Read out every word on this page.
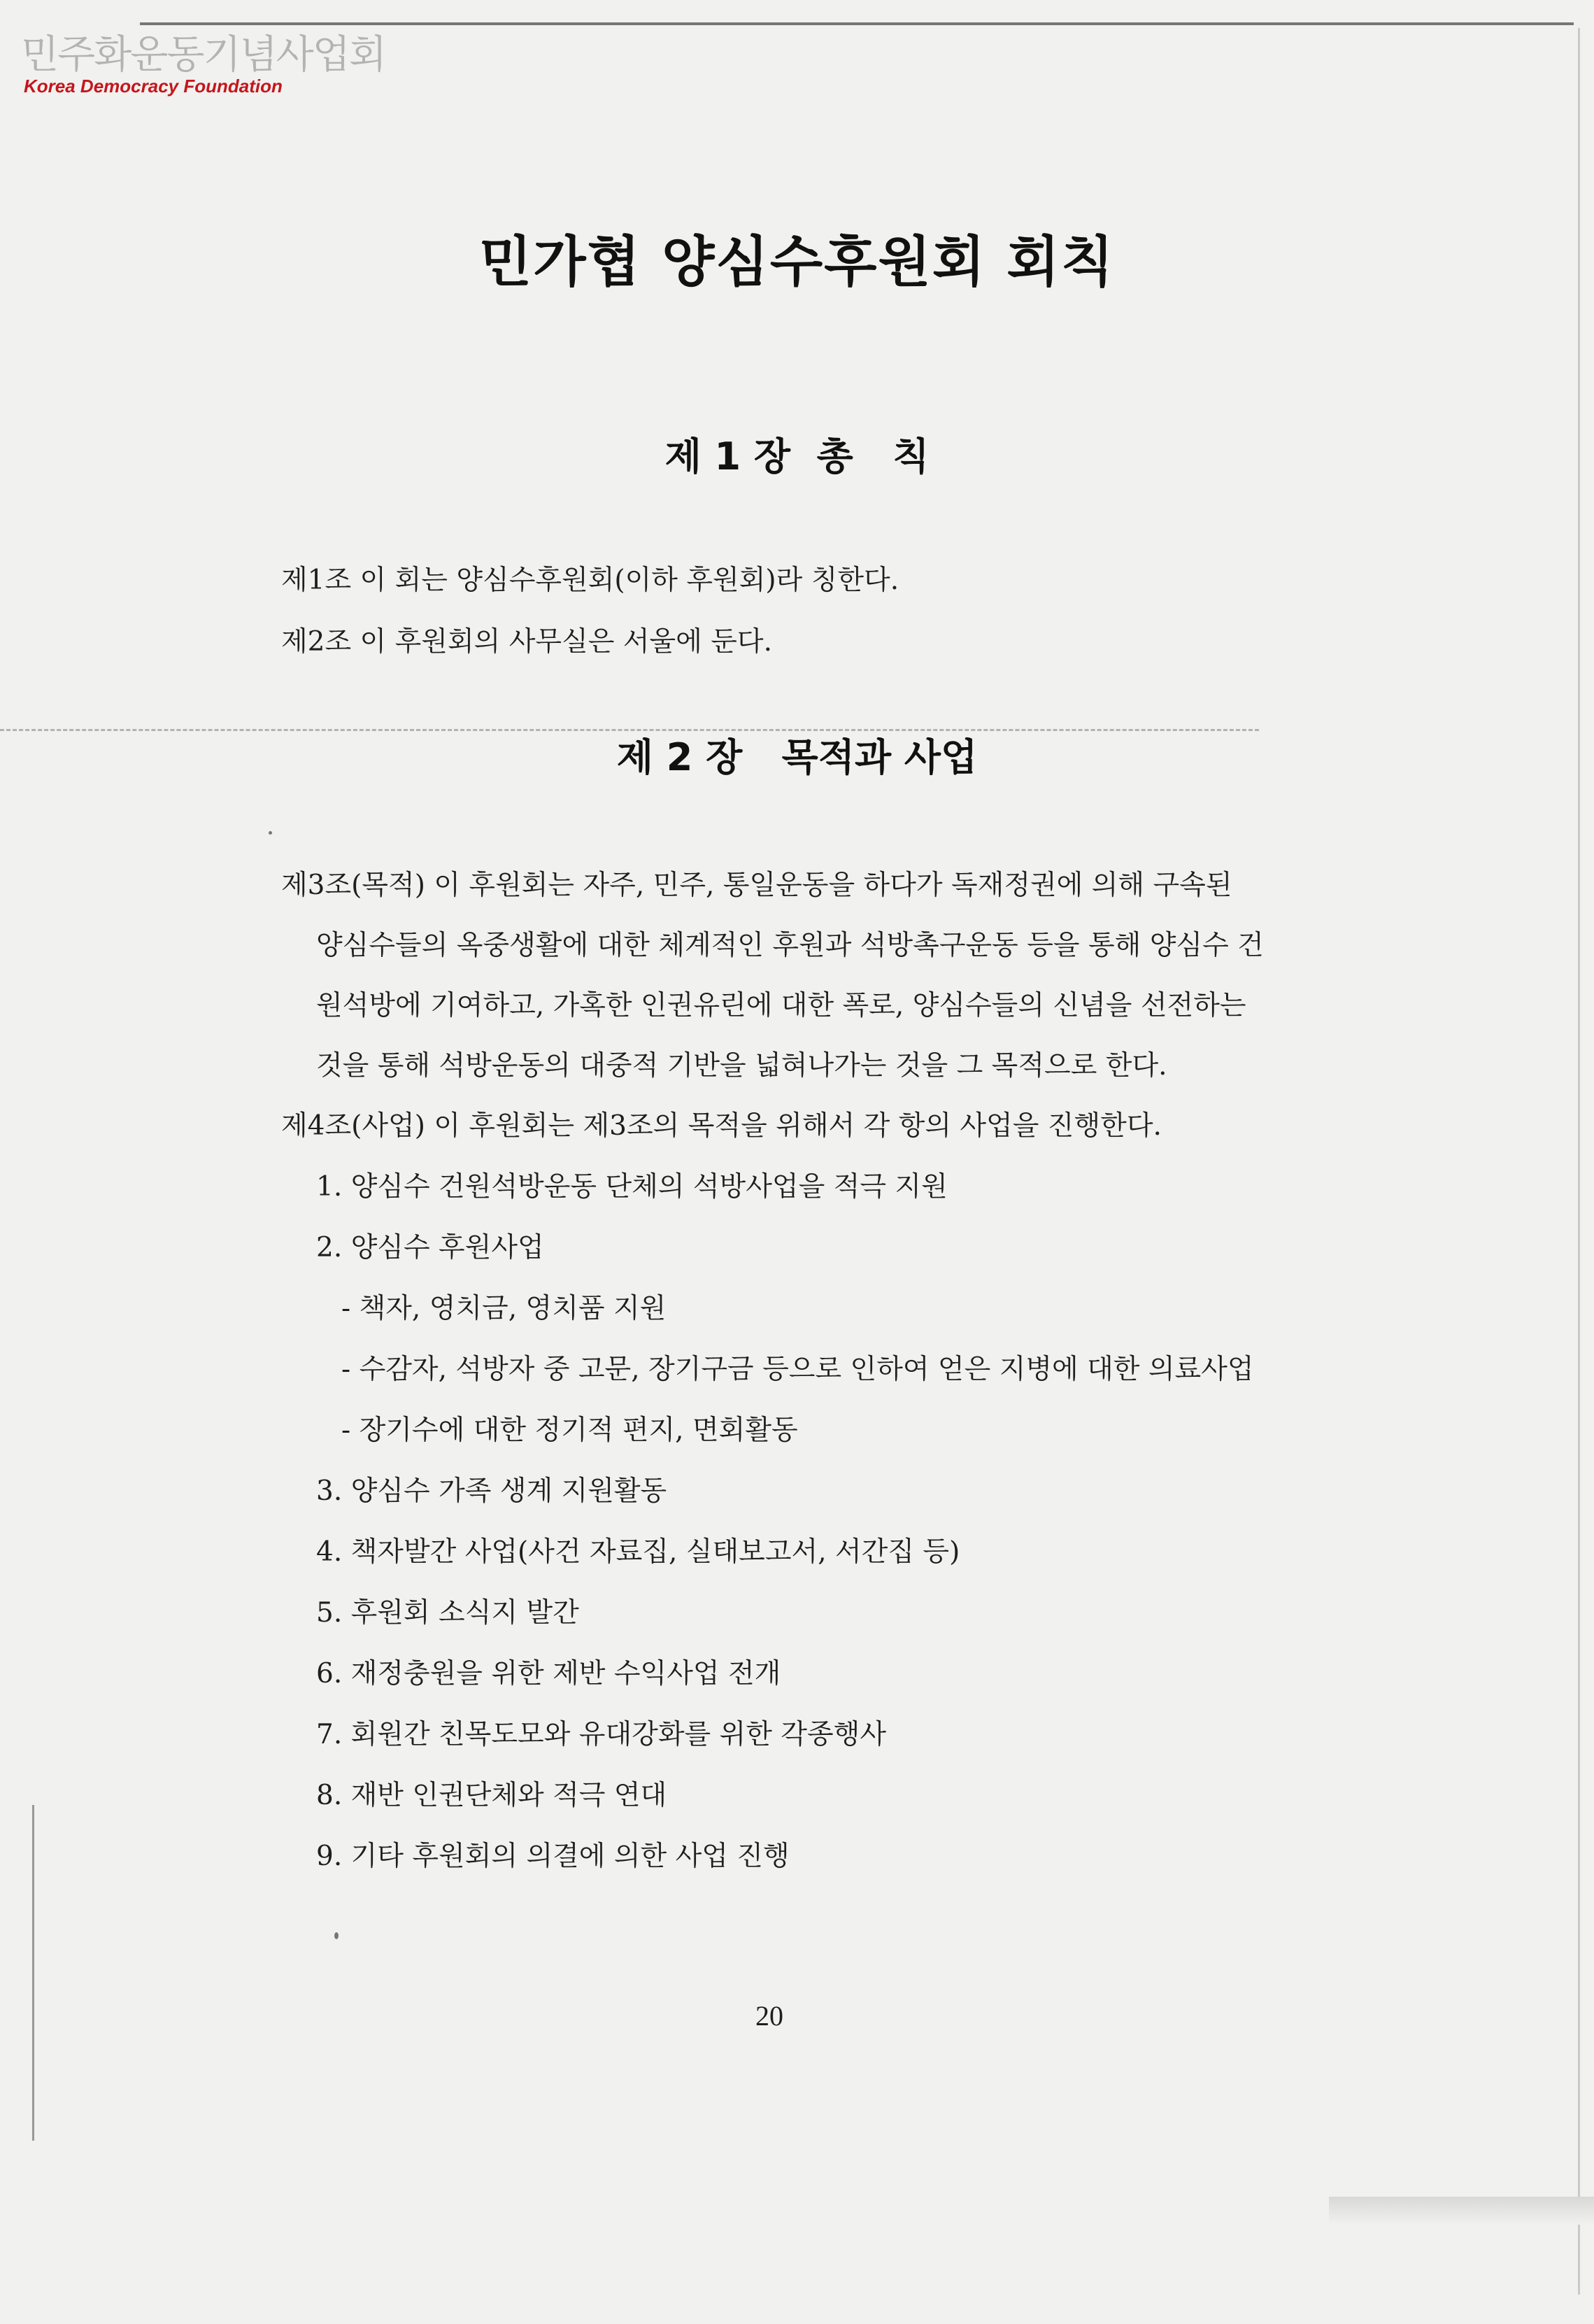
민주화운동기념사업회
Korea Democracy Foundation
민가협 양심수후원회 회칙
제 1 장  총   칙
제1조 이 회는 양심수후원회(이하 후원회)라 칭한다.
제2조 이 후원회의 사무실은 서울에 둔다.
제 2 장   목적과 사업
제3조(목적) 이 후원회는 자주, 민주, 통일운동을 하다가 독재정권에 의해 구속된
양심수들의 옥중생활에 대한 체계적인 후원과 석방촉구운동 등을 통해 양심수 건
원석방에 기여하고, 가혹한 인권유린에 대한 폭로, 양심수들의 신념을 선전하는
것을 통해 석방운동의 대중적 기반을 넓혀나가는 것을 그 목적으로 한다.
제4조(사업) 이 후원회는 제3조의 목적을 위해서 각 항의 사업을 진행한다.
1. 양심수 건원석방운동 단체의 석방사업을 적극 지원
2. 양심수 후원사업
- 책자, 영치금, 영치품 지원
- 수감자, 석방자 중 고문, 장기구금 등으로 인하여 얻은 지병에 대한 의료사업
- 장기수에 대한 정기적 편지, 면회활동
3. 양심수 가족 생계 지원활동
4. 책자발간 사업(사건 자료집, 실태보고서, 서간집 등)
5. 후원회 소식지 발간
6. 재정충원을 위한 제반 수익사업 전개
7. 회원간 친목도모와 유대강화를 위한 각종행사
8. 재반 인권단체와 적극 연대
9. 기타 후원회의 의결에 의한 사업 진행
20
